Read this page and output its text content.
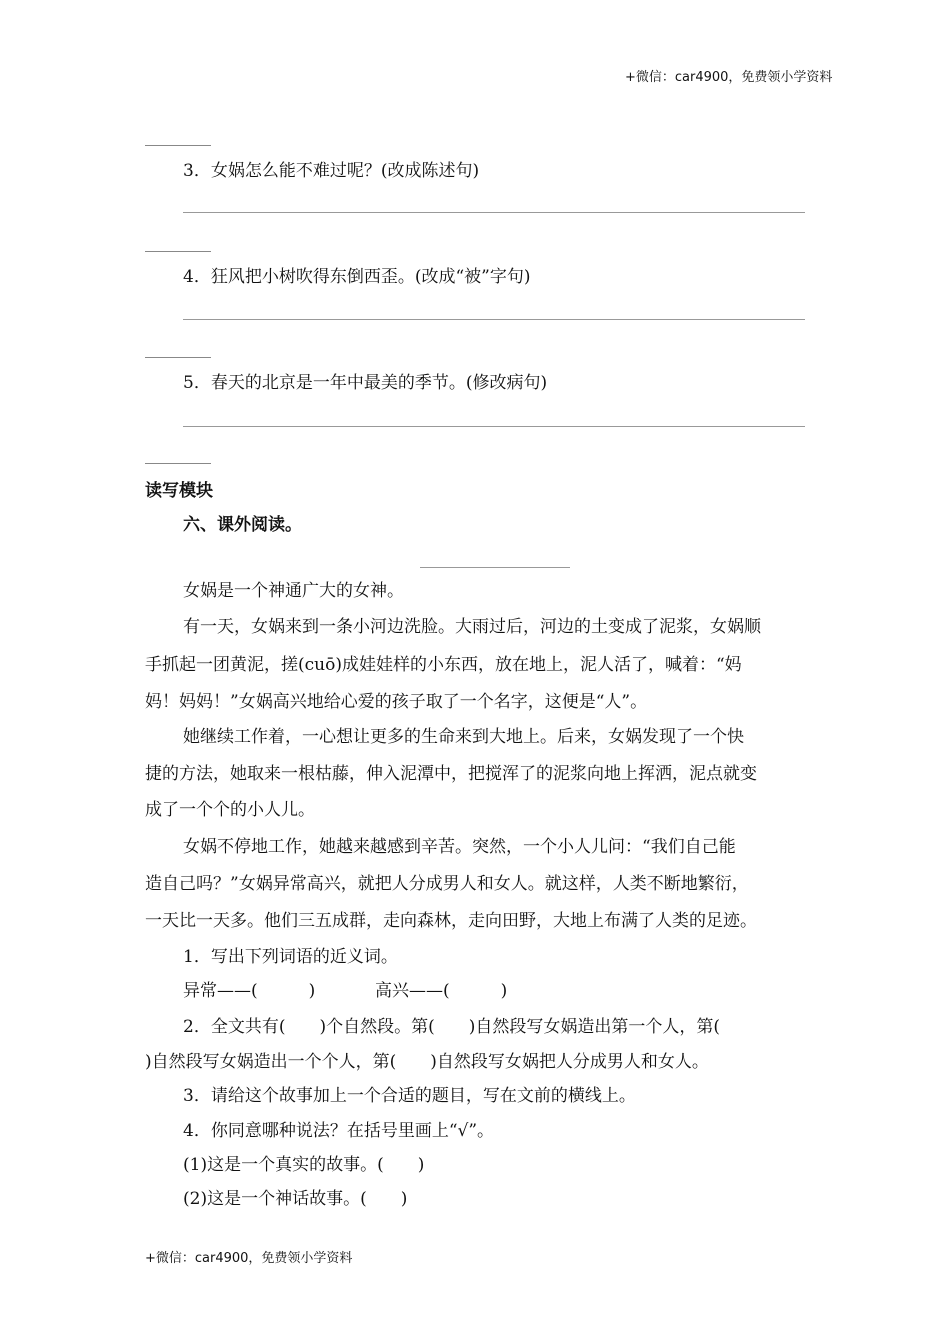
+微信：car4900，免费领小学资料
3．女娲怎么能不难过呢？(改成陈述句)
4．狂风把小树吹得东倒西歪。(改成“被”字句)
5．春天的北京是一年中最美的季节。(修改病句)
读写模块
六、课外阅读。
女娲是一个神通广大的女神。
有一天，女娲来到一条小河边洗脸。大雨过后，河边的土变成了泥浆，女娲顺
手抓起一团黄泥，搓(cuō)成娃娃样的小东西，放在地上，泥人活了，喊着：“妈
妈！妈妈！”女娲高兴地给心爱的孩子取了一个名字，这便是“人”。
她继续工作着，一心想让更多的生命来到大地上。后来，女娲发现了一个快
捷的方法，她取来一根枯藤，伸入泥潭中，把搅浑了的泥浆向地上挥洒，泥点就变
成了一个个的小人儿。
女娲不停地工作，她越来越感到辛苦。突然，一个小人儿问：“我们自己能
造自己吗？”女娲异常高兴，就把人分成男人和女人。就这样，人类不断地繁衍，
一天比一天多。他们三五成群，走向森林，走向田野，大地上布满了人类的足迹。
1．写出下列词语的近义词。
异常——(　　　)	高兴——(　　　)
2．全文共有(　　)个自然段。第(　　)自然段写女娲造出第一个人，第(
)自然段写女娲造出一个个人，第(　　)自然段写女娲把人分成男人和女人。
3．请给这个故事加上一个合适的题目，写在文前的横线上。
4．你同意哪种说法？在括号里画上“√”。
(1)这是一个真实的故事。(　　)
(2)这是一个神话故事。(　　)
+微信：car4900，免费领小学资料
